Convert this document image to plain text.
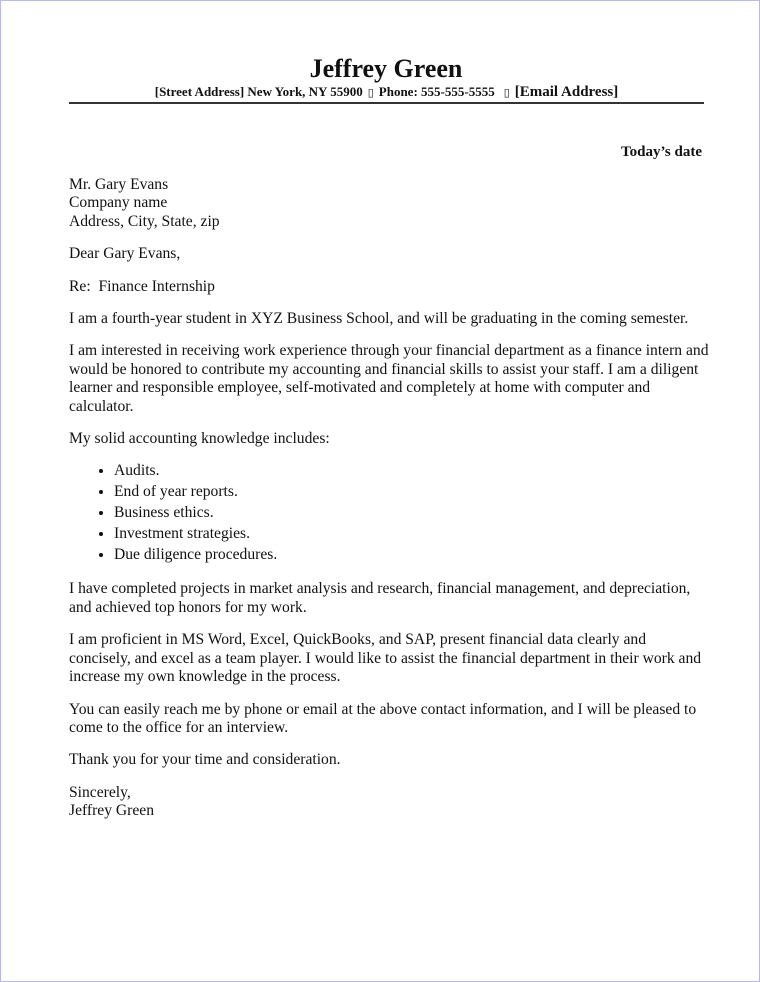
Jeffrey Green
[Street Address] New York, NY 55900 ▯ Phone: 555-555-5555 ▯ [Email Address]
Today’s date
Mr. Gary Evans
Company name
Address, City, State, zip

Dear Gary Evans,

Re:  Finance Internship

I am a fourth-year student in XYZ Business School, and will be graduating in the coming semester.

I am interested in receiving work experience through your financial department as a finance intern and would be honored to contribute my accounting and financial skills to assist your staff. I am a diligent learner and responsible employee, self-motivated and completely at home with computer and calculator.

My solid accounting knowledge includes:

• Audits.
• End of year reports.
• Business ethics.
• Investment strategies.
• Due diligence procedures.

I have completed projects in market analysis and research, financial management, and depreciation, and achieved top honors for my work.

I am proficient in MS Word, Excel, QuickBooks, and SAP, present financial data clearly and concisely, and excel as a team player. I would like to assist the financial department in their work and increase my own knowledge in the process.

You can easily reach me by phone or email at the above contact information, and I will be pleased to come to the office for an interview.

Thank you for your time and consideration.

Sincerely,

Jeffrey Green
